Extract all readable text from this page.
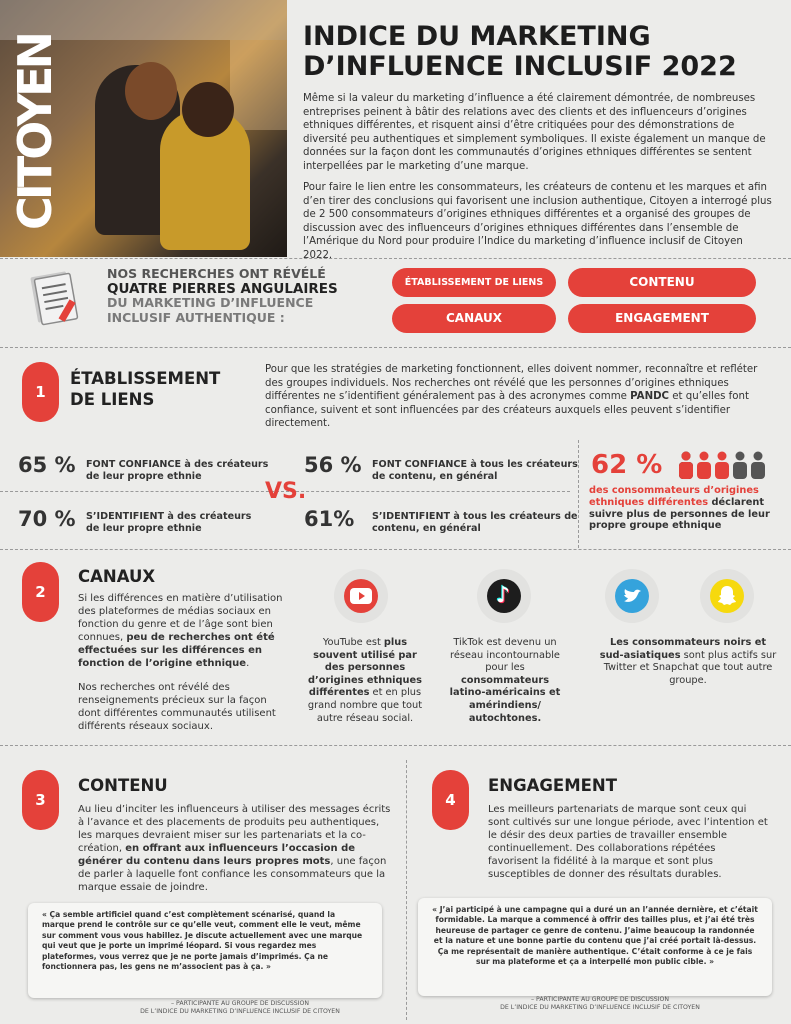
CITOYEN	INDICE DU MARKETING D’INFLUENCE INCLUSIF 2022
Même si la valeur du marketing d’influence a été clairement démontrée, de nombreuses entreprises peinent à bâtir des relations avec des clients et des influenceurs d’origines ethniques différentes, et risquent ainsi d’être critiquées pour des démonstrations de diversité peu authentiques et simplement symboliques. Il existe également un manque de données sur la façon dont les communautés d’origines ethniques différentes se sentent interpellées par le marketing d’une marque.
Pour faire le lien entre les consommateurs, les créateurs de contenu et les marques et afin d’en tirer des conclusions qui favorisent une inclusion authentique, Citoyen a interrogé plus de 2 500 consommateurs d’origines ethniques différentes et a organisé des groupes de discussion avec des influenceurs d’origines ethniques différentes dans l’ensemble de l’Amérique du Nord pour produire l’Indice du marketing d’influence inclusif de Citoyen 2022.
NOS RECHERCHES ONT RÉVÉLÉ
QUATRE PIERRES ANGULAIRES
DU MARKETING D’INFLUENCE
INCLUSIF AUTHENTIQUE :
ÉTABLISSEMENT DE LIENS	CONTENU
CANAUX	ENGAGEMENT
1
ÉTABLISSEMENT
DE LIENS
Pour que les stratégies de marketing fonctionnent, elles doivent nommer, reconnaître et refléter des groupes individuels. Nos recherches ont révélé que les personnes d’origines ethniques différentes ne s’identifient généralement pas à des acronymes comme PANDC et qu’elles font confiance, suivent et sont influencées par des créateurs auxquels elles peuvent s’identifier directement.
65 % FONT CONFIANCE à des créateurs
de leur propre ethnie	56 % FONT CONFIANCE à tous les créateurs
de contenu, en général
VS.
70 % S’IDENTIFIENT à des créateurs
de leur propre ethnie	61% S’IDENTIFIENT à tous les créateurs de
contenu, en général
62 %
des consommateurs d’origines
ethniques différentes déclarent
suivre plus de personnes de leur
propre groupe ethnique
2
CANAUX
Si les différences en matière d’utilisation des plateformes de médias sociaux en fonction du genre et de l’âge sont bien connues, peu de recherches ont été effectuées sur les différences en fonction de l’origine ethnique.
Nos recherches ont révélé des renseignements précieux sur la façon dont différentes communautés utilisent différents réseaux sociaux.
YouTube est plus souvent utilisé par des personnes d’origines ethniques différentes et en plus grand nombre que tout autre réseau social.
♪
TikTok est devenu un réseau incontournable pour les consommateurs latino-américains et amérindiens/ autochtones.
Les consommateurs noirs et sud-asiatiques sont plus actifs sur Twitter et Snapchat que tout autre groupe.
3
CONTENU
Au lieu d’inciter les influenceurs à utiliser des messages écrits à l’avance et des placements de produits peu authentiques, les marques devraient miser sur les partenariats et la co-création, en offrant aux influenceurs l’occasion de générer du contenu dans leurs propres mots, une façon de parler à laquelle font confiance les consommateurs que la marque essaie de joindre.
« Ça semble artificiel quand c’est complètement scénarisé, quand la marque prend le contrôle sur ce qu’elle veut, comment elle le veut, même sur comment vous vous habillez. Je discute actuellement avec une marque qui veut que je porte un imprimé léopard. Si vous regardez mes plateformes, vous verrez que je ne porte jamais d’imprimés. Ça ne fonctionnera pas, les gens ne m’associent pas à ça. »
– PARTICIPANTE AU GROUPE DE DISCUSSION
DE L’INDICE DU MARKETING D’INFLUENCE INCLUSIF DE CITOYEN
4
ENGAGEMENT
Les meilleurs partenariats de marque sont ceux qui sont cultivés sur une longue période, avec l’intention et le désir des deux parties de travailler ensemble continuellement. Des collaborations répétées favorisent la fidélité à la marque et sont plus susceptibles de donner des résultats durables.
« J’ai participé à une campagne qui a duré un an l’année dernière, et c’était formidable. La marque a commencé à offrir des tailles plus, et j’ai été très heureuse de partager ce genre de contenu. J’aime beaucoup la randonnée et la nature et une bonne partie du contenu que j’ai créé portait là-dessus. Ça me représentait de manière authentique. C’était conforme à ce je fais sur ma plateforme et ça a interpellé mon public cible. »
– PARTICIPANTE AU GROUPE DE DISCUSSION
DE L’INDICE DU MARKETING D’INFLUENCE INCLUSIF DE CITOYEN
